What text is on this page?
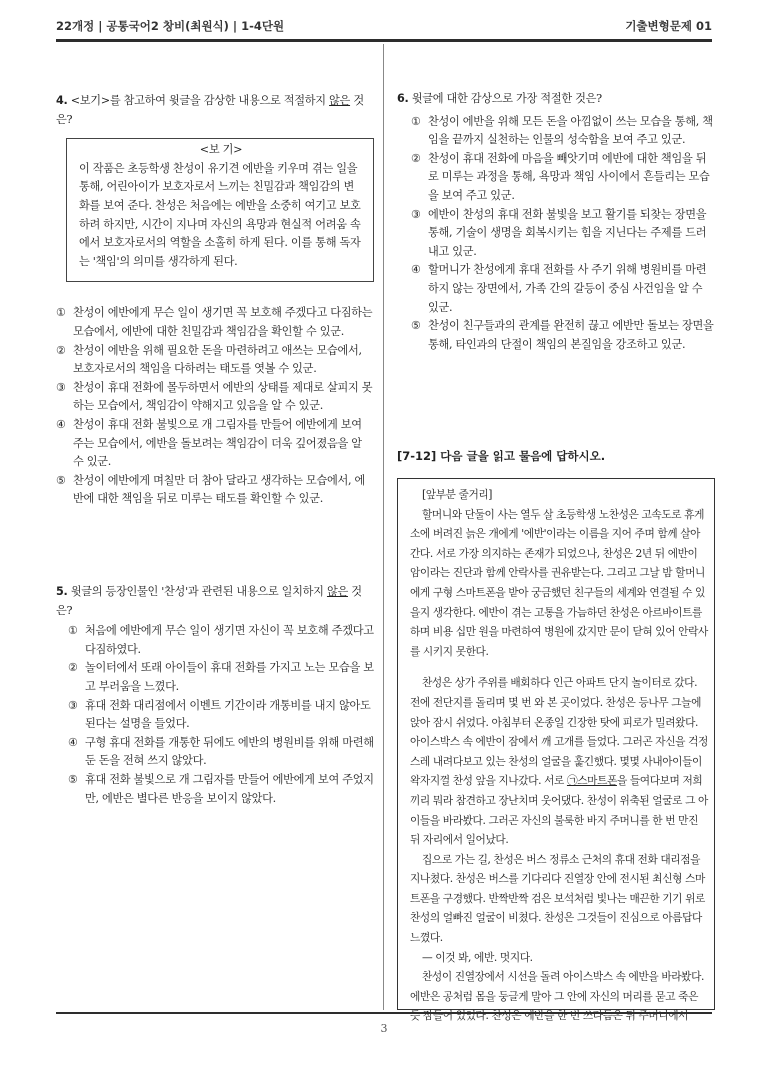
22개정 | 공통국어2 창비(최원식) | 1-4단원	기출변형문제 01
4. <보기>를 참고하여 윗글을 감상한 내용으로 적절하지 않은 것은?
<보 기>
이 작품은 초등학생 찬성이 유기견 에반을 키우며 겪는 일을 통해, 어린아이가 보호자로서 느끼는 친밀감과 책임감의 변화를 보여 준다. 찬성은 처음에는 에반을 소중히 여기고 보호하려 하지만, 시간이 지나며 자신의 욕망과 현실적 어려움 속에서 보호자로서의 역할을 소홀히 하게 된다. 이를 통해 독자는 '책임'의 의미를 생각하게 된다.
① 찬성이 에반에게 무슨 일이 생기면 꼭 보호해 주겠다고 다짐하는 모습에서, 에반에 대한 친밀감과 책임감을 확인할 수 있군.
② 찬성이 에반을 위해 필요한 돈을 마련하려고 애쓰는 모습에서, 보호자로서의 책임을 다하려는 태도를 엿볼 수 있군.
③ 찬성이 휴대 전화에 몰두하면서 에반의 상태를 제대로 살피지 못하는 모습에서, 책임감이 약해지고 있음을 알 수 있군.
④ 찬성이 휴대 전화 불빛으로 개 그림자를 만들어 에반에게 보여 주는 모습에서, 에반을 돌보려는 책임감이 더욱 깊어졌음을 알 수 있군.
⑤ 찬성이 에반에게 며칠만 더 참아 달라고 생각하는 모습에서, 에반에 대한 책임을 뒤로 미루는 태도를 확인할 수 있군.
5. 윗글의 등장인물인 '찬성'과 관련된 내용으로 일치하지 않은 것은?
① 처음에 에반에게 무슨 일이 생기면 자신이 꼭 보호해 주겠다고 다짐하였다.
② 놀이터에서 또래 아이들이 휴대 전화를 가지고 노는 모습을 보고 부러움을 느꼈다.
③ 휴대 전화 대리점에서 이벤트 기간이라 개통비를 내지 않아도 된다는 설명을 들었다.
④ 구형 휴대 전화를 개통한 뒤에도 에반의 병원비를 위해 마련해 둔 돈을 전혀 쓰지 않았다.
⑤ 휴대 전화 불빛으로 개 그림자를 만들어 에반에게 보여 주었지만, 에반은 별다른 반응을 보이지 않았다.
6. 윗글에 대한 감상으로 가장 적절한 것은?
① 찬성이 에반을 위해 모든 돈을 아낌없이 쓰는 모습을 통해, 책임을 끝까지 실천하는 인물의 성숙함을 보여 주고 있군.
② 찬성이 휴대 전화에 마음을 빼앗기며 에반에 대한 책임을 뒤로 미루는 과정을 통해, 욕망과 책임 사이에서 흔들리는 모습을 보여 주고 있군.
③ 에반이 찬성의 휴대 전화 불빛을 보고 활기를 되찾는 장면을 통해, 기술이 생명을 회복시키는 힘을 지닌다는 주제를 드러내고 있군.
④ 할머니가 찬성에게 휴대 전화를 사 주기 위해 병원비를 마련하지 않는 장면에서, 가족 간의 갈등이 중심 사건임을 알 수 있군.
⑤ 찬성이 친구들과의 관계를 완전히 끊고 에반만 돌보는 장면을 통해, 타인과의 단절이 책임의 본질임을 강조하고 있군.
[7-12] 다음 글을 읽고 물음에 답하시오.
[앞부분 줄거리]

할머니와 단둘이 사는 열두 살 초등학생 노찬성은 고속도로 휴게소에 버려진 늙은 개에게 '에반'이라는 이름을 지어 주며 함께 살아간다. 서로 가장 의지하는 존재가 되었으나, 찬성은 2년 뒤 에반이 암이라는 진단과 함께 안락사를 권유받는다. 그리고 그날 밤 할머니에게 구형 스마트폰을 받아 궁금했던 친구들의 세계와 연결될 수 있을지 생각한다. 에반이 겪는 고통을 가늠하던 찬성은 아르바이트를 하며 비용 십만 원을 마련하여 병원에 갔지만 문이 닫혀 있어 안락사를 시키지 못한다.

찬성은 상가 주위를 배회하다 인근 아파트 단지 놀이터로 갔다. 전에 전단지를 돌리며 몇 번 와 본 곳이었다. 찬성은 등나무 그늘에 앉아 잠시 쉬었다. 아침부터 온종일 긴장한 탓에 피로가 밀려왔다. 아이스박스 속 에반이 잠에서 깨 고개를 들었다. 그러곤 자신을 걱정스레 내려다보고 있는 찬성의 얼굴을 훑긴했다. 몇몇 사내아이들이 왁자지껄 찬성 앞을 지나갔다. 서로 ㉠스마트폰을 들여다보며 저희끼리 뭐라 참견하고 장난치며 웃어댔다. 찬성이 위축된 얼굴로 그 아이들을 바라봤다. 그러곤 자신의 불룩한 바지 주머니를 한 번 만진 뒤 자리에서 일어났다.

집으로 가는 길, 찬성은 버스 정류소 근처의 휴대 전화 대리점을 지나쳤다. 찬성은 버스를 기다리다 진열장 안에 전시된 최신형 스마트폰을 구경했다. 반짝반짝 검은 보석처럼 빛나는 매끈한 기기 위로 찬성의 얼빠진 얼굴이 비쳤다. 찬성은 그것들이 진심으로 아름답다 느꼈다.

— 이것 봐, 에반. 멋지다.

찬성이 진열장에서 시선을 돌려 아이스박스 속 에반을 바라봤다. 에반은 공처럼 몸을 둥글게 말아 그 안에 자신의 머리를 묻고 죽은 듯 잠들어 있었다. 찬성은 에반을 한 번 쓰다듬은 뒤 주머니에서

3
